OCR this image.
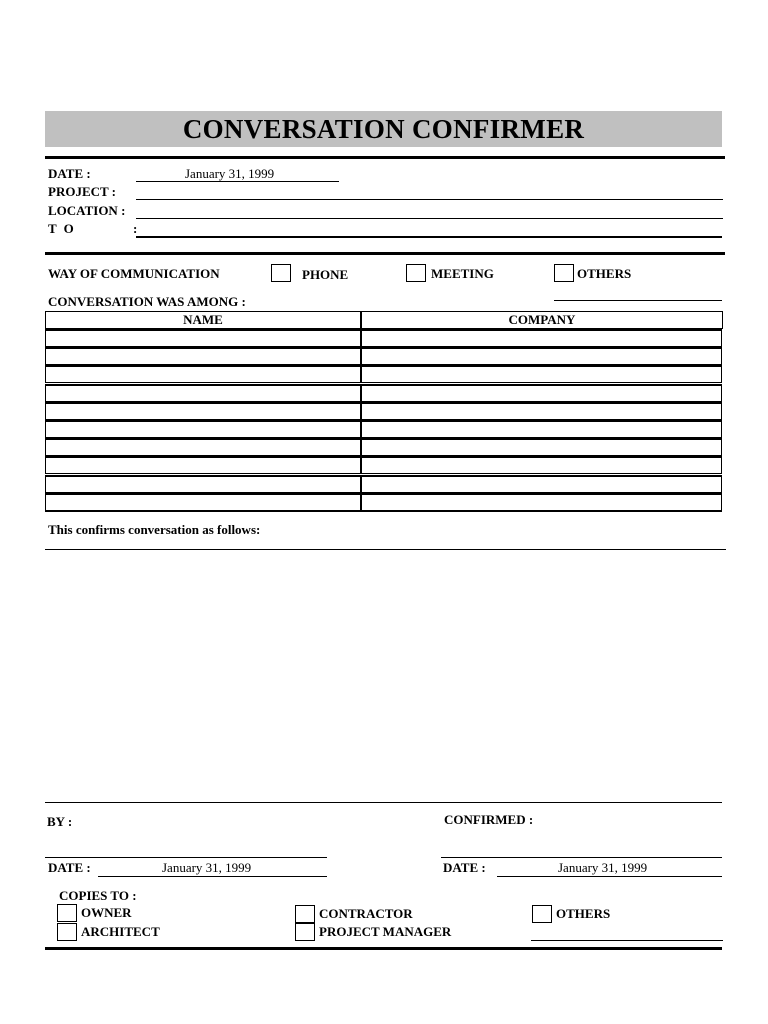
CONVERSATION CONFIRMER
DATE :	January 31, 1999
PROJECT :
LOCATION :
T O	:
WAY OF COMMUNICATION	PHONE	MEETING	OTHERS
CONVERSATION WAS AMONG :
NAME	COMPANY
This confirms conversation as follows:
BY :	CONFIRMED :
DATE :	January 31, 1999	DATE :	January 31, 1999
COPIES TO :
OWNER
ARCHITECT
CONTRACTOR
PROJECT MANAGER
OTHERS
